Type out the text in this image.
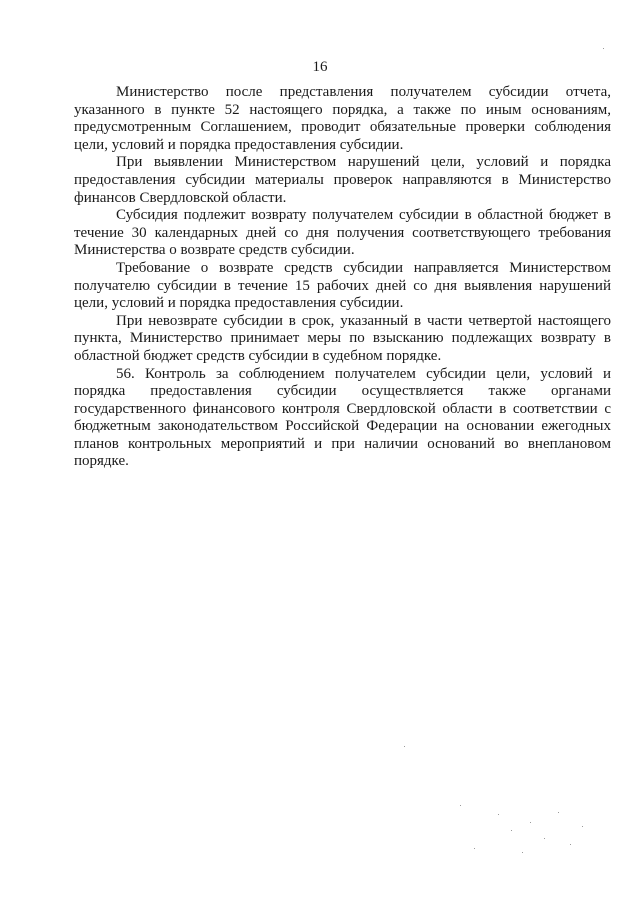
16

Министерство после представления получателем субсидии отчета, указанного в пункте 52 настоящего порядка, а также по иным основаниям, предусмотренным Соглашением, проводит обязательные проверки соблюдения цели, условий и порядка предоставления субсидии.

При выявлении Министерством нарушений цели, условий и порядка предоставления субсидии материалы проверок направляются в Министерство финансов Свердловской области.

Субсидия подлежит возврату получателем субсидии в областной бюджет в течение 30 календарных дней со дня получения соответствующего требования Министерства о возврате средств субсидии.

Требование о возврате средств субсидии направляется Министерством получателю субсидии в течение 15 рабочих дней со дня выявления нарушений цели, условий и порядка предоставления субсидии.

При невозврате субсидии в срок, указанный в части четвертой настоящего пункта, Министерство принимает меры по взысканию подлежащих возврату в областной бюджет средств субсидии в судебном порядке.

56. Контроль за соблюдением получателем субсидии цели, условий и порядка предоставления субсидии осуществляется также органами государственного финансового контроля Свердловской области в соответствии с бюджетным законодательством Российской Федерации на основании ежегодных планов контрольных мероприятий и при наличии оснований во внеплановом порядке.
